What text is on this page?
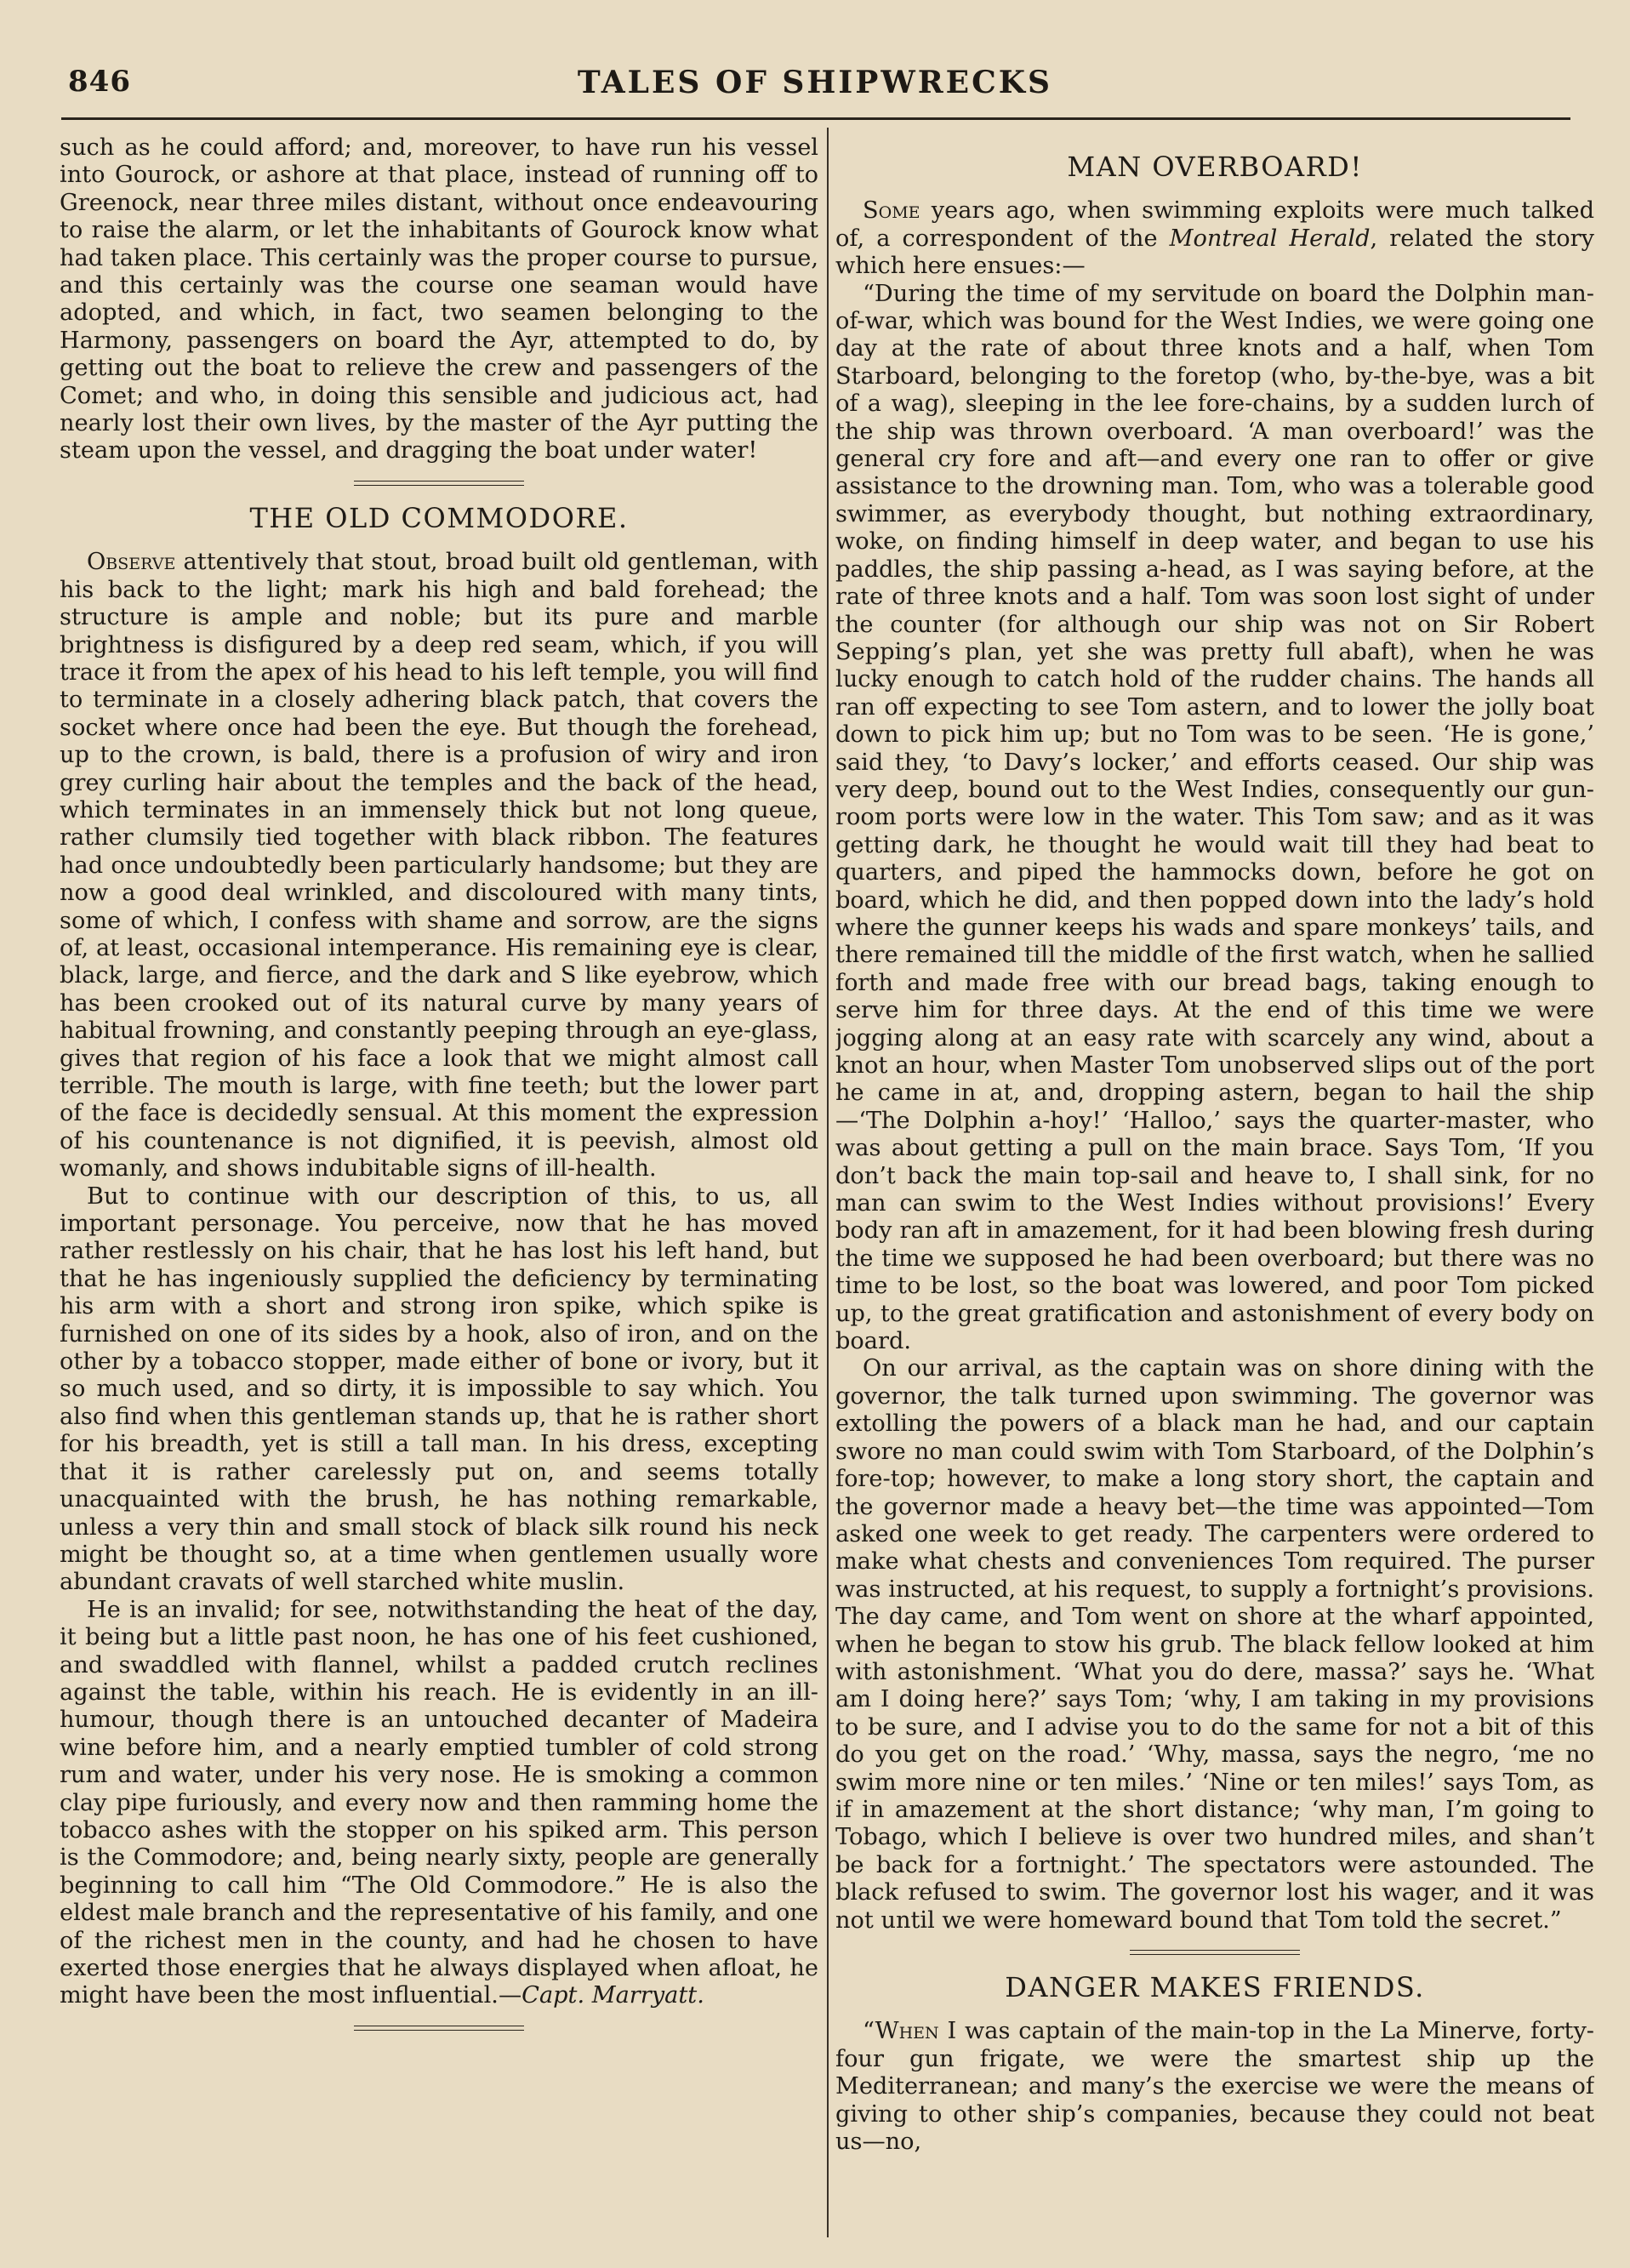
846	TALES OF SHIPWRECKS

such as he could afford; and, moreover, to have run his vessel into Gourock, or ashore at that place, instead of running off to Greenock, near three miles distant, without once endeavouring to raise the alarm, or let the inhabitants of Gourock know what had taken place. This certainly was the proper course to pursue, and this certainly was the course one seaman would have adopted, and which, in fact, two seamen belonging to the Harmony, passengers on board the Ayr, attempted to do, by getting out the boat to relieve the crew and passengers of the Comet; and who, in doing this sensible and judicious act, had nearly lost their own lives, by the master of the Ayr putting the steam upon the vessel, and dragging the boat under water!

THE OLD COMMODORE.

Observe attentively that stout, broad built old gentleman, with his back to the light; mark his high and bald forehead; the structure is ample and noble; but its pure and marble brightness is disfigured by a deep red seam, which, if you will trace it from the apex of his head to his left temple, you will find to terminate in a closely adhering black patch, that covers the socket where once had been the eye. But though the forehead, up to the crown, is bald, there is a profusion of wiry and iron grey curling hair about the temples and the back of the head, which terminates in an immensely thick but not long queue, rather clumsily tied together with black ribbon. The features had once undoubtedly been particularly handsome; but they are now a good deal wrinkled, and discoloured with many tints, some of which, I confess with shame and sorrow, are the signs of, at least, occasional intemperance. His remaining eye is clear, black, large, and fierce, and the dark and S like eyebrow, which has been crooked out of its natural curve by many years of habitual frowning, and constantly peeping through an eye-glass, gives that region of his face a look that we might almost call terrible. The mouth is large, with fine teeth; but the lower part of the face is decidedly sensual. At this moment the expression of his countenance is not dignified, it is peevish, almost old womanly, and shows indubitable signs of ill-health.

But to continue with our description of this, to us, all important personage. You perceive, now that he has moved rather restlessly on his chair, that he has lost his left hand, but that he has ingeniously supplied the deficiency by terminating his arm with a short and strong iron spike, which spike is furnished on one of its sides by a hook, also of iron, and on the other by a tobacco stopper, made either of bone or ivory, but it so much used, and so dirty, it is impossible to say which. You also find when this gentleman stands up, that he is rather short for his breadth, yet is still a tall man. In his dress, excepting that it is rather carelessly put on, and seems totally unacquainted with the brush, he has nothing remarkable, unless a very thin and small stock of black silk round his neck might be thought so, at a time when gentlemen usually wore abundant cravats of well starched white muslin.

He is an invalid; for see, notwithstanding the heat of the day, it being but a little past noon, he has one of his feet cushioned, and swaddled with flannel, whilst a padded crutch reclines against the table, within his reach. He is evidently in an ill-humour, though there is an untouched decanter of Madeira wine before him, and a nearly emptied tumbler of cold strong rum and water, under his very nose. He is smoking a common clay pipe furiously, and every now and then ramming home the tobacco ashes with the stopper on his spiked arm. This person is the Commodore; and, being nearly sixty, people are generally beginning to call him “The Old Commodore.” He is also the eldest male branch and the representative of his family, and one of the richest men in the county, and had he chosen to have exerted those energies that he always displayed when afloat, he might have been the most influential.—Capt. Marryatt.

MAN OVERBOARD!

Some years ago, when swimming exploits were much talked of, a correspondent of the Montreal Herald, related the story which here ensues:—

“During the time of my servitude on board the Dolphin man-of-war, which was bound for the West Indies, we were going one day at the rate of about three knots and a half, when Tom Starboard, belonging to the foretop (who, by-the-bye, was a bit of a wag), sleeping in the lee fore-chains, by a sudden lurch of the ship was thrown overboard. ‘A man overboard!’ was the general cry fore and aft—and every one ran to offer or give assistance to the drowning man. Tom, who was a tolerable good swimmer, as everybody thought, but nothing extraordinary, woke, on finding himself in deep water, and began to use his paddles, the ship passing a-head, as I was saying before, at the rate of three knots and a half. Tom was soon lost sight of under the counter (for although our ship was not on Sir Robert Sepping’s plan, yet she was pretty full abaft), when he was lucky enough to catch hold of the rudder chains. The hands all ran off expecting to see Tom astern, and to lower the jolly boat down to pick him up; but no Tom was to be seen. ‘He is gone,’ said they, ‘to Davy’s locker,’ and efforts ceased. Our ship was very deep, bound out to the West Indies, consequently our gun-room ports were low in the water. This Tom saw; and as it was getting dark, he thought he would wait till they had beat to quarters, and piped the hammocks down, before he got on board, which he did, and then popped down into the lady’s hold where the gunner keeps his wads and spare monkeys’ tails, and there remained till the middle of the first watch, when he sallied forth and made free with our bread bags, taking enough to serve him for three days. At the end of this time we were jogging along at an easy rate with scarcely any wind, about a knot an hour, when Master Tom unobserved slips out of the port he came in at, and, dropping astern, began to hail the ship—‘The Dolphin a-hoy!’ ‘Halloo,’ says the quarter-master, who was about getting a pull on the main brace. Says Tom, ‘If you don’t back the main top-sail and heave to, I shall sink, for no man can swim to the West Indies without provisions!’ Every body ran aft in amazement, for it had been blowing fresh during the time we supposed he had been overboard; but there was no time to be lost, so the boat was lowered, and poor Tom picked up, to the great gratification and astonishment of every body on board.

On our arrival, as the captain was on shore dining with the governor, the talk turned upon swimming. The governor was extolling the powers of a black man he had, and our captain swore no man could swim with Tom Starboard, of the Dolphin’s fore-top; however, to make a long story short, the captain and the governor made a heavy bet—the time was appointed—Tom asked one week to get ready. The carpenters were ordered to make what chests and conveniences Tom required. The purser was instructed, at his request, to supply a fortnight’s provisions. The day came, and Tom went on shore at the wharf appointed, when he began to stow his grub. The black fellow looked at him with astonishment. ‘What you do dere, massa?’ says he. ‘What am I doing here?’ says Tom; ‘why, I am taking in my provisions to be sure, and I advise you to do the same for not a bit of this do you get on the road.’ ‘Why, massa, says the negro, ‘me no swim more nine or ten miles.’ ‘Nine or ten miles!’ says Tom, as if in amazement at the short distance; ‘why man, I’m going to Tobago, which I believe is over two hundred miles, and shan’t be back for a fortnight.’ The spectators were astounded. The black refused to swim. The governor lost his wager, and it was not until we were homeward bound that Tom told the secret.”

DANGER MAKES FRIENDS.

“When I was captain of the main-top in the La Minerve, forty-four gun frigate, we were the smartest ship up the Mediterranean; and many’s the exercise we were the means of giving to other ship’s companies, because they could not beat us—no,
